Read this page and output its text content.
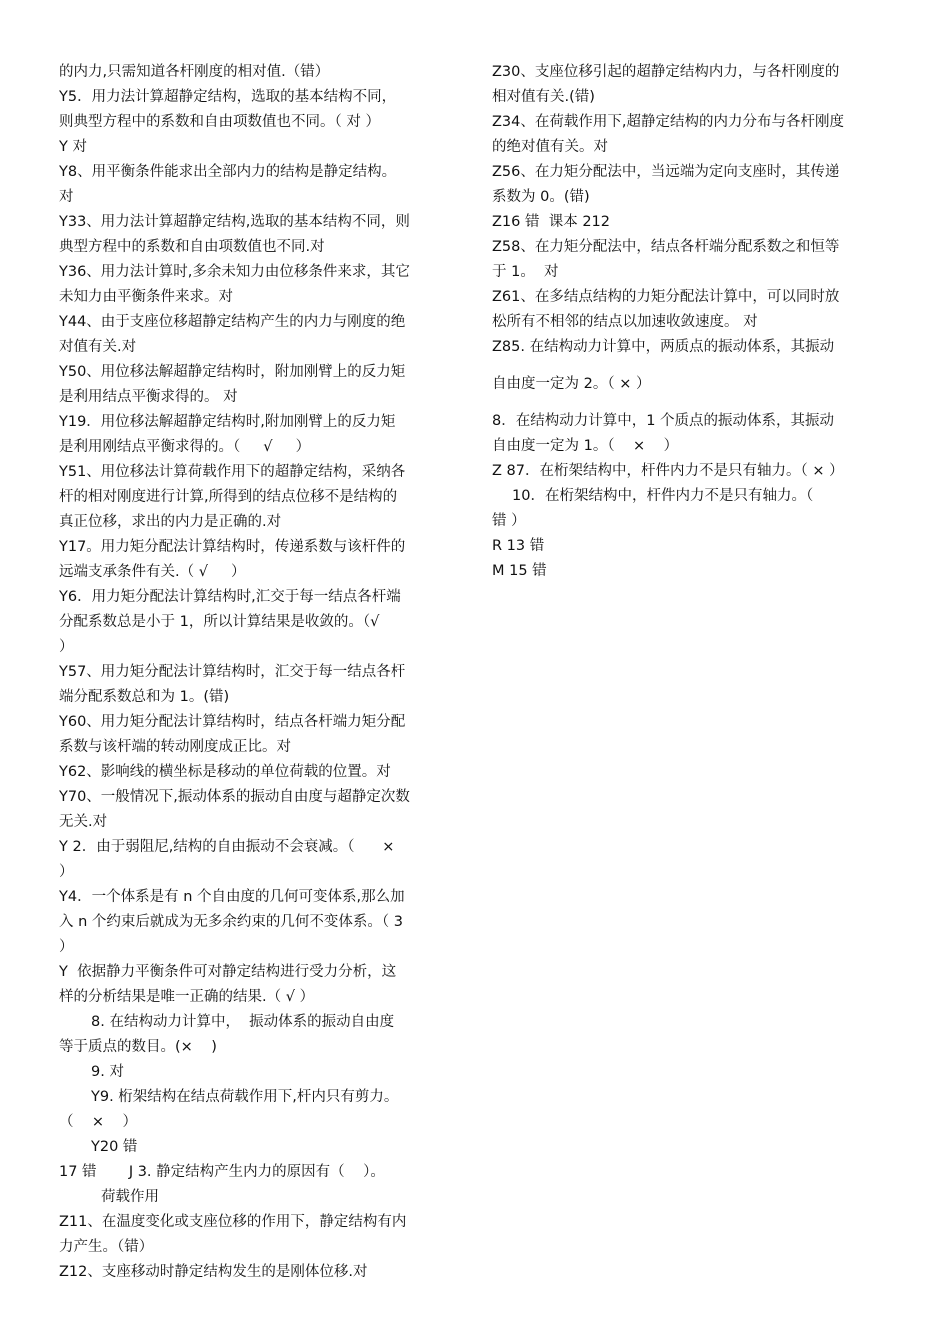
的内力,只需知道各杆刚度的相对值.（错）
Y5．用力法计算超静定结构，选取的基本结构不同，
则典型方程中的系数和自由项数值也不同。（ 对 ）
Y 对
Y8、用平衡条件能求出全部内力的结构是静定结构。
对
Y33、用力法计算超静定结构,选取的基本结构不同，则
典型方程中的系数和自由项数值也不同.对
Y36、用力法计算时,多余未知力由位移条件来求，其它
未知力由平衡条件来求。对
Y44、由于支座位移超静定结构产生的内力与刚度的绝
对值有关.对
Y50、用位移法解超静定结构时，附加刚臂上的反力矩
是利用结点平衡求得的。 对
Y19．用位移法解超静定结构时,附加刚臂上的反力矩
是利用刚结点平衡求得的。（     √     ）
Y51、用位移法计算荷载作用下的超静定结构，采纳各
杆的相对刚度进行计算,所得到的结点位移不是结构的
真正位移，求出的内力是正确的.对
Y17。用力矩分配法计算结构时，传递系数与该杆件的
远端支承条件有关.（ √     ）
Y6．用力矩分配法计算结构时,汇交于每一结点各杆端
分配系数总是小于 1，所以计算结果是收敛的。（√
）
Y57、用力矩分配法计算结构时，汇交于每一结点各杆
端分配系数总和为 1。(错)
Y60、用力矩分配法计算结构时，结点各杆端力矩分配
系数与该杆端的转动刚度成正比。对
Y62、影响线的横坐标是移动的单位荷载的位置。对
Y70、一般情况下,振动体系的振动自由度与超静定次数
无关.对
Y 2．由于弱阻尼,结构的自由振动不会衰减。（      ×
）
Y4．一个体系是有 n 个自由度的几何可变体系,那么加
入 n 个约束后就成为无多余约束的几何不变体系。（ 3
）
Y  依据静力平衡条件可对静定结构进行受力分析，这
样的分析结果是唯一正确的结果.（ √ ）
8. 在结构动力计算中，  振动体系的振动自由度
等于质点的数目。(×    )
9. 对
Y9. 桁架结构在结点荷载作用下,杆内只有剪力。
（    ×    ）
Y20 错
17 错       J 3. 静定结构产生内力的原因有（    ）。
荷载作用
Z11、在温度变化或支座位移的作用下，静定结构有内
力产生。（错）
Z12、支座移动时静定结构发生的是刚体位移.对
Z30、支座位移引起的超静定结构内力，与各杆刚度的
相对值有关.(错)
Z34、在荷载作用下,超静定结构的内力分布与各杆刚度
的绝对值有关。对
Z56、在力矩分配法中，当远端为定向支座时，其传递
系数为 0。(错)
Z16 错  课本 212
Z58、在力矩分配法中，结点各杆端分配系数之和恒等
于 1。  对
Z61、在多结点结构的力矩分配法计算中，可以同时放
松所有不相邻的结点以加速收敛速度。 对
Z85. 在结构动力计算中，两质点的振动体系，其振动
自由度一定为 2。（ × ）
8．在结构动力计算中，1 个质点的振动体系，其振动
自由度一定为 1。（    ×    ）
Z 87．在桁架结构中，杆件内力不是只有轴力。（ × ）
10．在桁架结构中，杆件内力不是只有轴力。（
错 ）
R 13 错
M 15 错
